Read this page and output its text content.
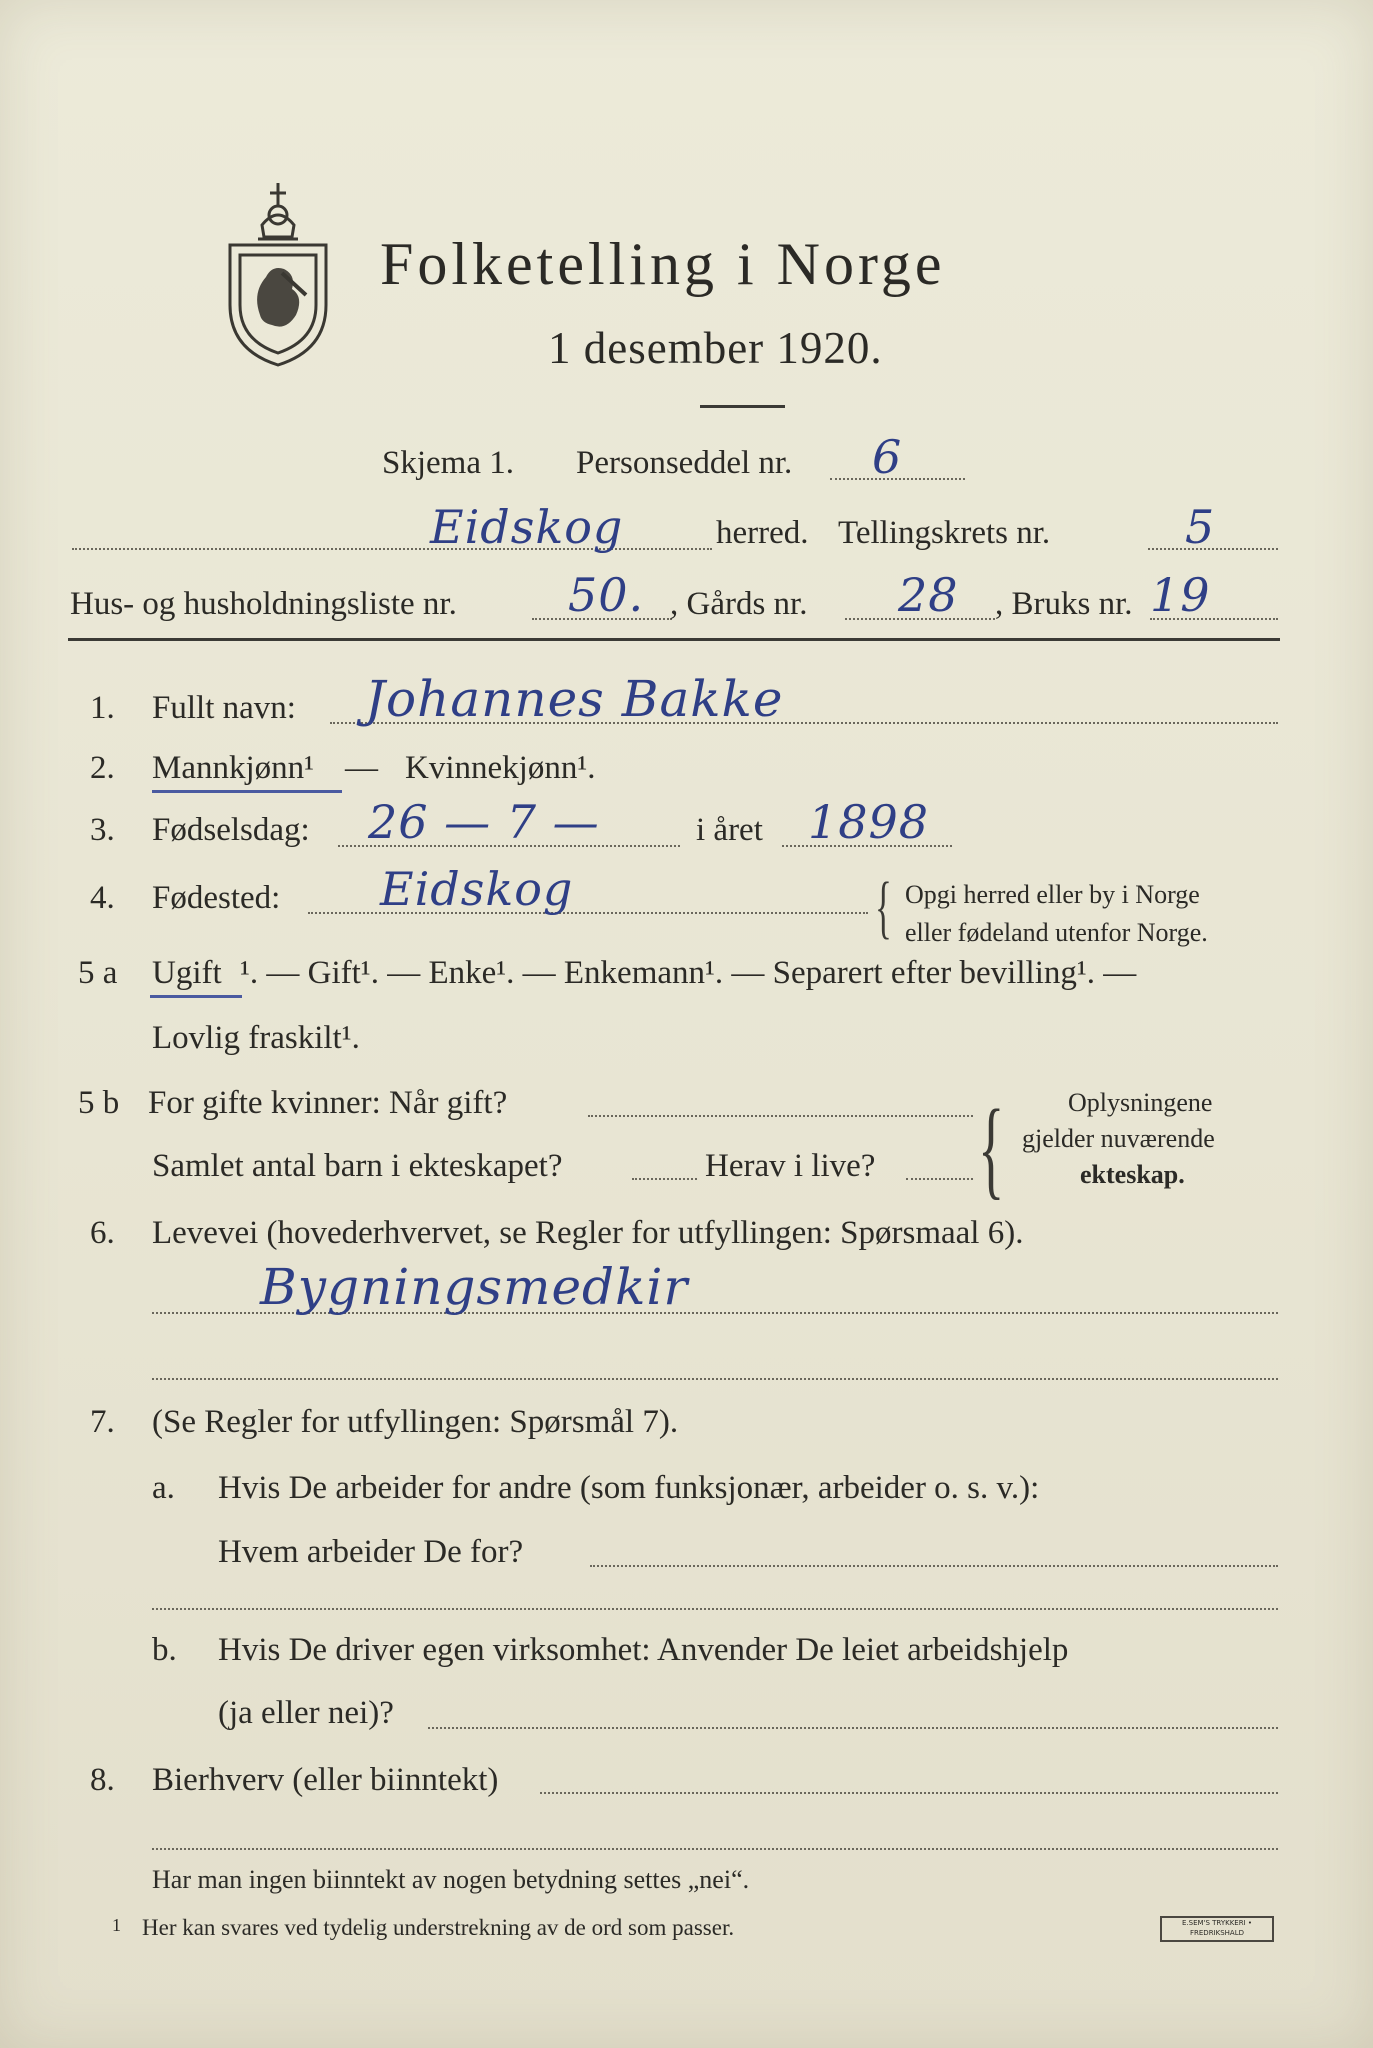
Folketelling i Norge
1 desember 1920.
Skjema 1. Personseddel nr. 6
Eidskog	herred. Tellingskrets nr.	5
Hus- og husholdningsliste nr. 50. , Gårds nr. 28 , Bruks nr. 19
1. Fullt navn: Johannes Bakke
2. Mannkjønn¹ — Kvinnekjønn¹.
3. Fødselsdag: 26 — 7 —	i året 1898
4. Fødested: Eidskog	{ Opgi herred eller by i Norge
eller fødeland utenfor Norge.
5 a Ugift ¹. — Gift¹. — Enke¹. — Enkemann¹. — Separert efter bevilling¹. —
Lovlig fraskilt¹.
5 b For gifte kvinner: Når gift?
Samlet antal barn i ekteskapet?	Herav i live? { Oplysningene
gjelder nuværende
ekteskap.
6. Levevei (hovederhvervet, se Regler for utfyllingen: Spørsmaal 6).
Bygningsmedkir
7. (Se Regler for utfyllingen: Spørsmål 7).
a. Hvis De arbeider for andre (som funksjonær, arbeider o. s. v.):
Hvem arbeider De for?
b. Hvis De driver egen virksomhet: Anvender De leiet arbeidshjelp
(ja eller nei)?
8. Bierhverv (eller biinntekt)
Har man ingen biinntekt av nogen betydning settes „nei“.
1 Her kan svares ved tydelig understrekning av de ord som passer.	E.SEM'S TRYKKERI • FREDRIKSHALD
